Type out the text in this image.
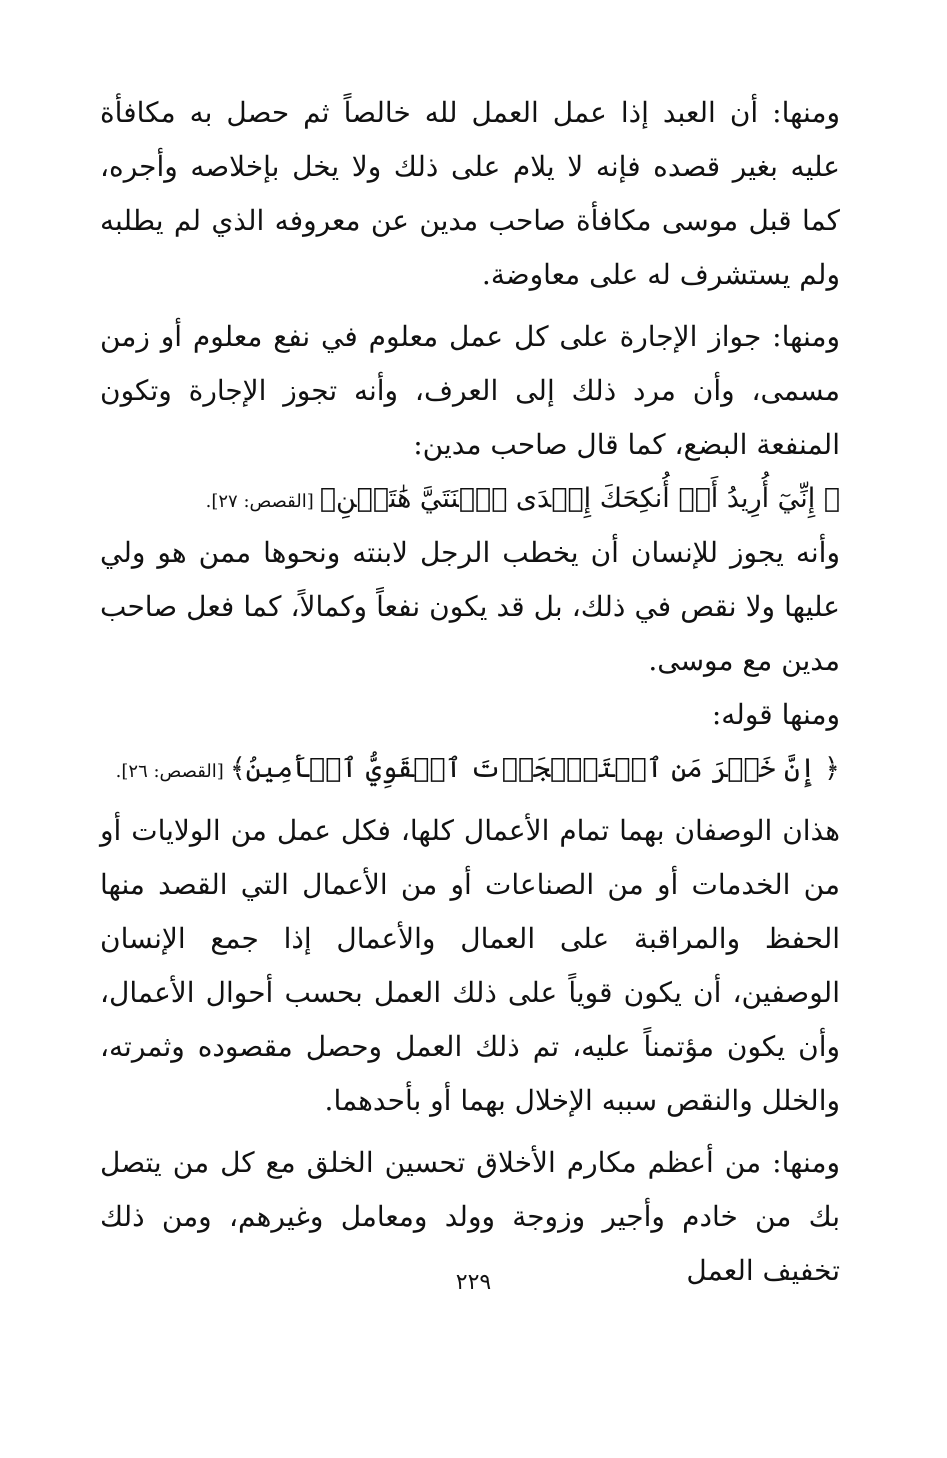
ومنها: أن العبد إذا عمل العمل لله خالصاً ثم حصل به مكافأة عليه بغير قصده فإنه لا يلام على ذلك ولا يخل بإخلاصه وأجره، كما قبل موسى مكافأة صاحب مدين عن معروفه الذي لم يطلبه ولم يستشرف له على معاوضة.

ومنها: جواز الإجارة على كل عمل معلوم في نفع معلوم أو زمن مسمى، وأن مرد ذلك إلى العرف، وأنه تجوز الإجارة وتكون المنفعة البضع، كما قال صاحب مدين:

﴿ إِنِّيٓ أُرِيدُ أَنۡ أُنكِحَكَ إِحۡدَى ٱبۡنَتَيَّ هَٰتَيۡنِ﴾[القصص: ٢٧].

وأنه يجوز للإنسان أن يخطب الرجل لابنته ونحوها ممن هو ولي عليها ولا نقص في ذلك، بل قد يكون نفعاً وكمالاً، كما فعل صاحب مدين مع موسى.

ومنها قوله:

﴿ إِنَّ خَيۡرَ مَنِ ٱسۡتَـٔۡجَرۡتَ ٱلۡقَوِيُّ ٱلۡأَمِينُ﴾[القصص: ٢٦].

هذان الوصفان بهما تمام الأعمال كلها، فكل عمل من الولايات أو من الخدمات أو من الصناعات أو من الأعمال التي القصد منها الحفظ والمراقبة على العمال والأعمال إذا جمع الإنسان الوصفين، أن يكون قوياً على ذلك العمل بحسب أحوال الأعمال، وأن يكون مؤتمناً عليه، تم ذلك العمل وحصل مقصوده وثمرته، والخلل والنقص سببه الإخلال بهما أو بأحدهما.

ومنها: من أعظم مكارم الأخلاق تحسين الخلق مع كل من يتصل بك من خادم وأجير وزوجة وولد ومعامل وغيرهم، ومن ذلك تخفيف العمل

٢٢٩
